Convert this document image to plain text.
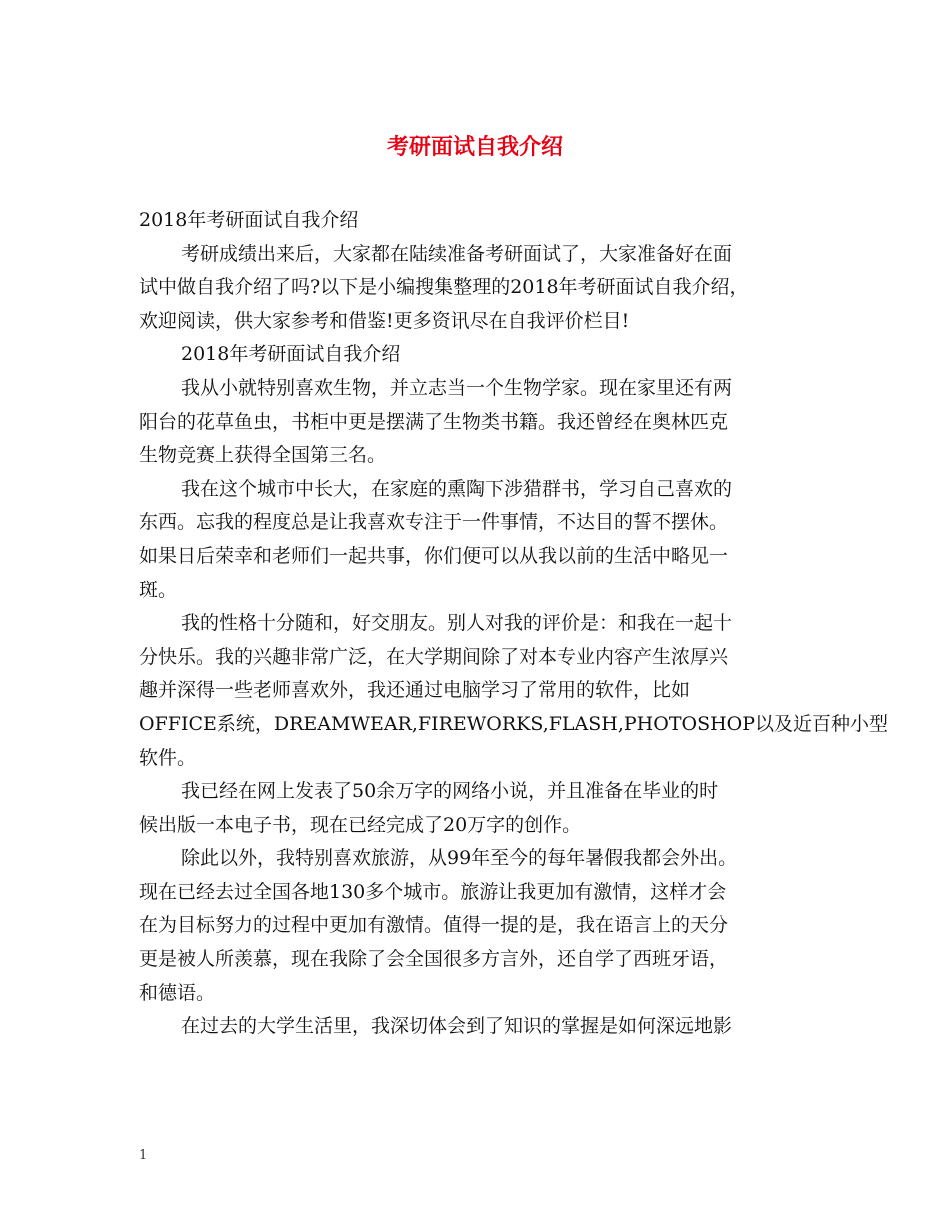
考研面试自我介绍
2018年考研面试自我介绍
考研成绩出来后，大家都在陆续准备考研面试了，大家准备好在面
试中做自我介绍了吗?以下是小编搜集整理的2018年考研面试自我介绍，
欢迎阅读，供大家参考和借鉴!更多资讯尽在自我评价栏目!
2018年考研面试自我介绍
我从小就特别喜欢生物，并立志当一个生物学家。现在家里还有两
阳台的花草鱼虫，书柜中更是摆满了生物类书籍。我还曾经在奥林匹克
生物竞赛上获得全国第三名。
我在这个城市中长大，在家庭的熏陶下涉猎群书，学习自己喜欢的
东西。忘我的程度总是让我喜欢专注于一件事情，不达目的誓不摆休。
如果日后荣幸和老师们一起共事，你们便可以从我以前的生活中略见一
斑。
我的性格十分随和，好交朋友。别人对我的评价是：和我在一起十
分快乐。我的兴趣非常广泛，在大学期间除了对本专业内容产生浓厚兴
趣并深得一些老师喜欢外，我还通过电脑学习了常用的软件，比如
OFFICE系统，DREAMWEAR,FIREWORKS,FLASH,PHOTOSHOP以及近百种小型
软件。
我已经在网上发表了50余万字的网络小说，并且准备在毕业的时
候出版一本电子书，现在已经完成了20万字的创作。
除此以外，我特别喜欢旅游，从99年至今的每年暑假我都会外出。
现在已经去过全国各地130多个城市。旅游让我更加有激情，这样才会
在为目标努力的过程中更加有激情。值得一提的是，我在语言上的天分
更是被人所羡慕，现在我除了会全国很多方言外，还自学了西班牙语，
和德语。
在过去的大学生活里，我深切体会到了知识的掌握是如何深远地影
1
